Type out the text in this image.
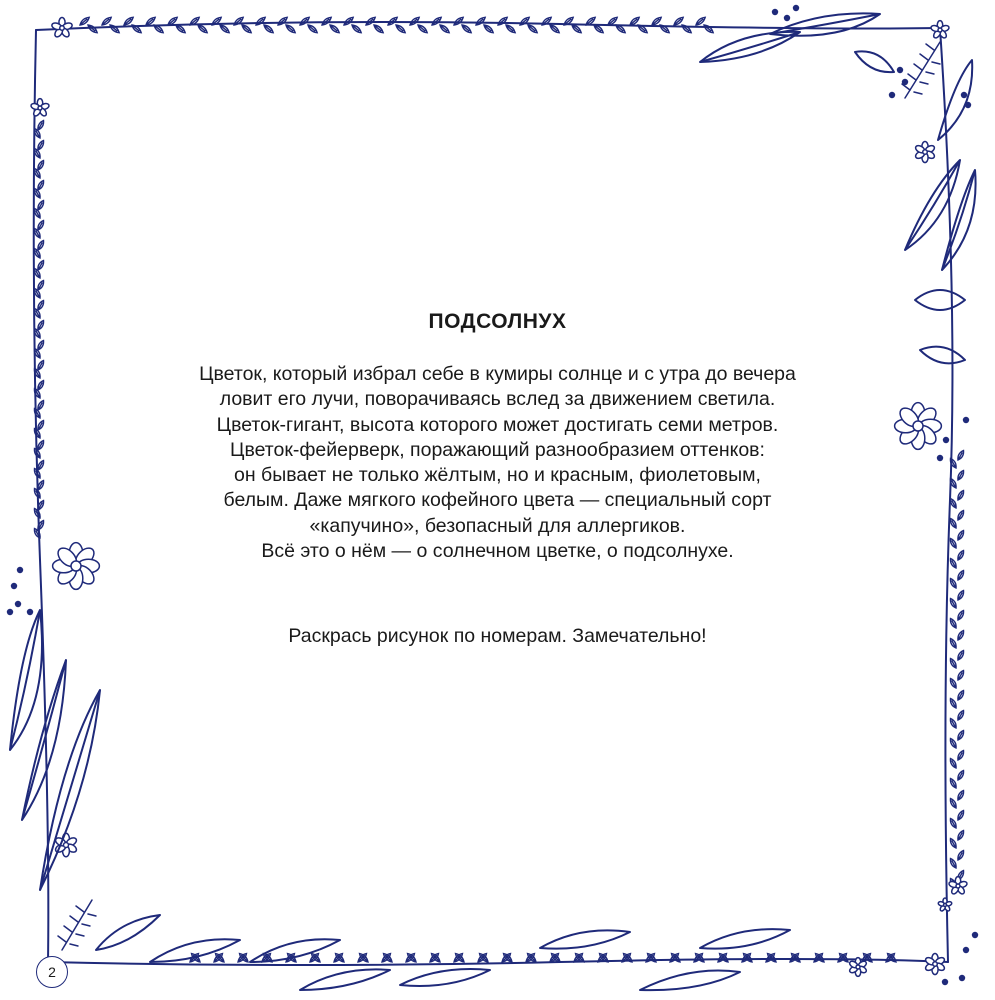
ПОДСОЛНУХ

Цветок, который избрал себе в кумиры солнце и с утра до вечера
ловит его лучи, поворачиваясь вслед за движением светила.
Цветок-гигант, высота которого может достигать семи метров.
Цветок-фейерверк, поражающий разнообразием оттенков:
он бывает не только жёлтым, но и красным, фиолетовым,
белым. Даже мягкого кофейного цвета — специальный сорт
«капучино», безопасный для аллергиков.
Всё это о нём — о солнечном цветке, о подсолнухе.

Раскрась рисунок по номерам. Замечательно!

2
